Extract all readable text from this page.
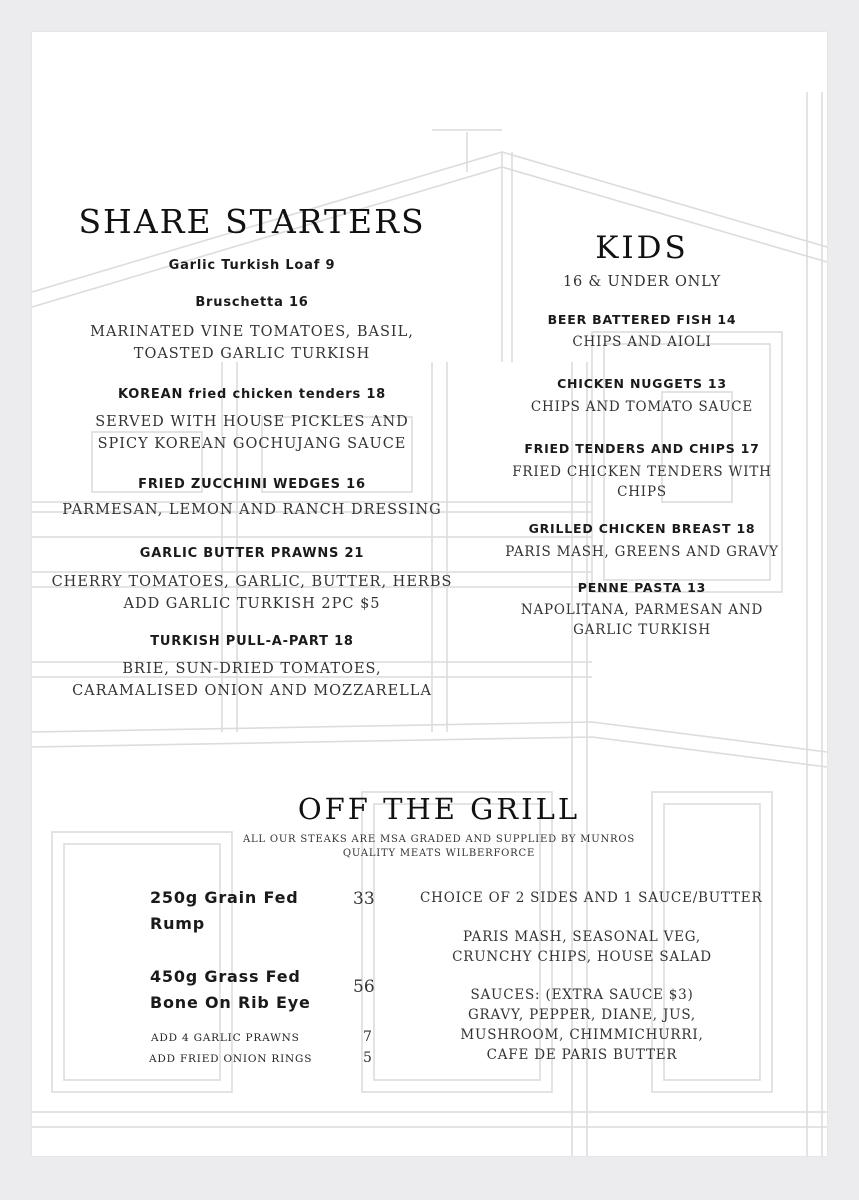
SHARE STARTERS
Garlic Turkish Loaf 9
Bruschetta 16
MARINATED VINE TOMATOES, BASIL,
TOASTED GARLIC TURKISH
KOREAN fried chicken tenders 18
SERVED WITH HOUSE PICKLES AND
SPICY KOREAN GOCHUJANG SAUCE
FRIED ZUCCHINI WEDGES 16
PARMESAN, LEMON AND RANCH DRESSING
GARLIC BUTTER PRAWNS 21
CHERRY TOMATOES, GARLIC, BUTTER, HERBS
ADD GARLIC TURKISH 2PC $5
TURKISH PULL-A-PART 18
BRIE, SUN-DRIED TOMATOES,
CARAMALISED ONION AND MOZZARELLA
KIDS
16 & UNDER ONLY
BEER BATTERED FISH 14
CHIPS AND AIOLI
CHICKEN NUGGETS 13
CHIPS AND TOMATO SAUCE
FRIED TENDERS AND CHIPS 17
FRIED CHICKEN TENDERS WITH
CHIPS
GRILLED CHICKEN BREAST 18
PARIS MASH, GREENS AND GRAVY
PENNE PASTA 13
NAPOLITANA, PARMESAN AND
GARLIC TURKISH
OFF THE GRILL
ALL OUR STEAKS ARE MSA GRADED AND SUPPLIED BY MUNROS
QUALITY MEATS WILBERFORCE
250g Grain Fed
Rump
33
450g Grass Fed
Bone On Rib Eye
56
ADD 4 GARLIC PRAWNS	7
ADD FRIED ONION RINGS	5
CHOICE OF 2 SIDES AND 1 SAUCE/BUTTER
PARIS MASH, SEASONAL VEG,
CRUNCHY CHIPS, HOUSE SALAD
SAUCES: (EXTRA SAUCE $3)
GRAVY, PEPPER, DIANE, JUS,
MUSHROOM, CHIMMICHURRI,
CAFE DE PARIS BUTTER
